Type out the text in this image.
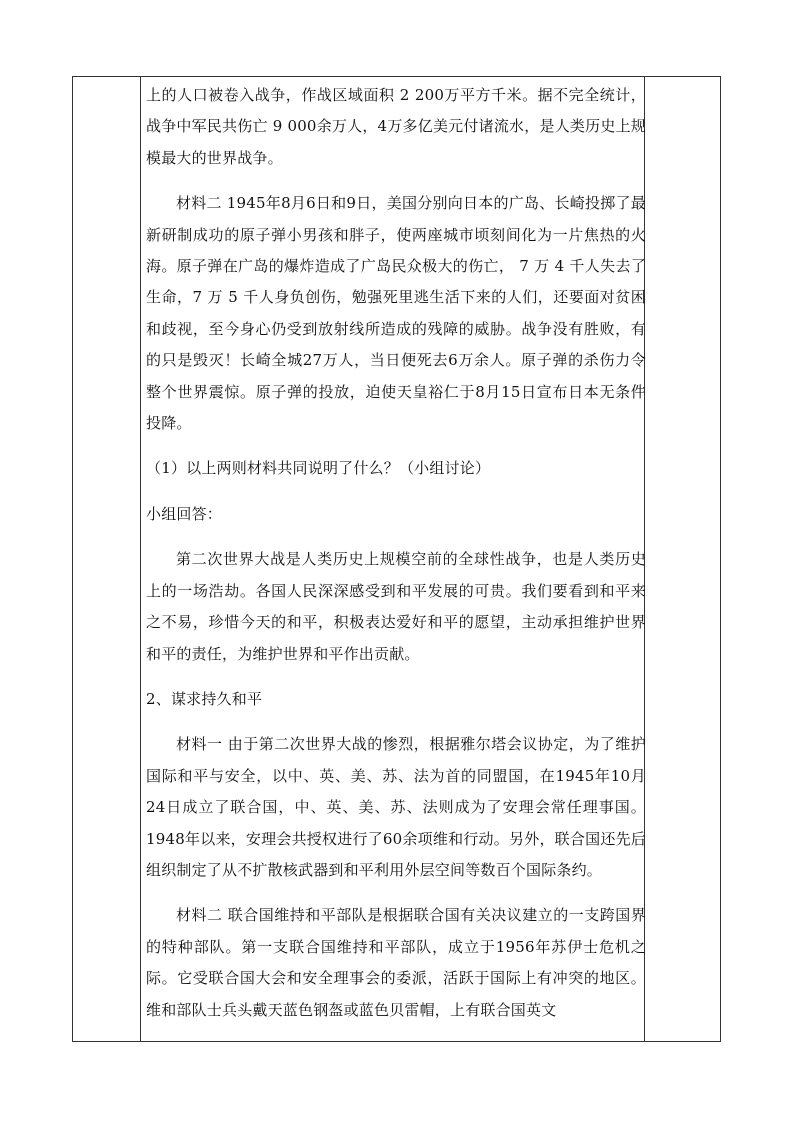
上的人口被卷入战争，作战区域面积 2 200万平方千米。据不完全统计，战争中军民共伤亡 9 000余万人，4万多亿美元付诸流水，是人类历史上规模最大的世界战争。

材料二 1945年8月6日和9日，美国分别向日本的广岛、长崎投掷了最新研制成功的原子弹小男孩和胖子，使两座城市顷刻间化为一片焦热的火海。原子弹在广岛的爆炸造成了广岛民众极大的伤亡， 7 万 4 千人失去了生命，7 万 5 千人身负创伤，勉强死里逃生活下来的人们，还要面对贫困和歧视，至今身心仍受到放射线所造成的残障的威胁。战争没有胜败，有的只是毁灭！长崎全城27万人，当日便死去6万余人。原子弹的杀伤力令整个世界震惊。原子弹的投放，迫使天皇裕仁于8月15日宣布日本无条件投降。

（1）以上两则材料共同说明了什么？（小组讨论）

小组回答：

第二次世界大战是人类历史上规模空前的全球性战争，也是人类历史上的一场浩劫。各国人民深深感受到和平发展的可贵。我们要看到和平来之不易，珍惜今天的和平，积极表达爱好和平的愿望，主动承担维护世界和平的责任，为维护世界和平作出贡献。

2、谋求持久和平

材料一 由于第二次世界大战的惨烈，根据雅尔塔会议协定，为了维护国际和平与安全，以中、英、美、苏、法为首的同盟国，在1945年10月24日成立了联合国，中、英、美、苏、法则成为了安理会常任理事国。1948年以来，安理会共授权进行了60余项维和行动。另外，联合国还先后组织制定了从不扩散核武器到和平利用外层空间等数百个国际条约。

材料二 联合国维持和平部队是根据联合国有关决议建立的一支跨国界的特种部队。第一支联合国维持和平部队，成立于1956年苏伊士危机之际。它受联合国大会和安全理事会的委派，活跃于国际上有冲突的地区。维和部队士兵头戴天蓝色钢盔或蓝色贝雷帽，上有联合国英文
